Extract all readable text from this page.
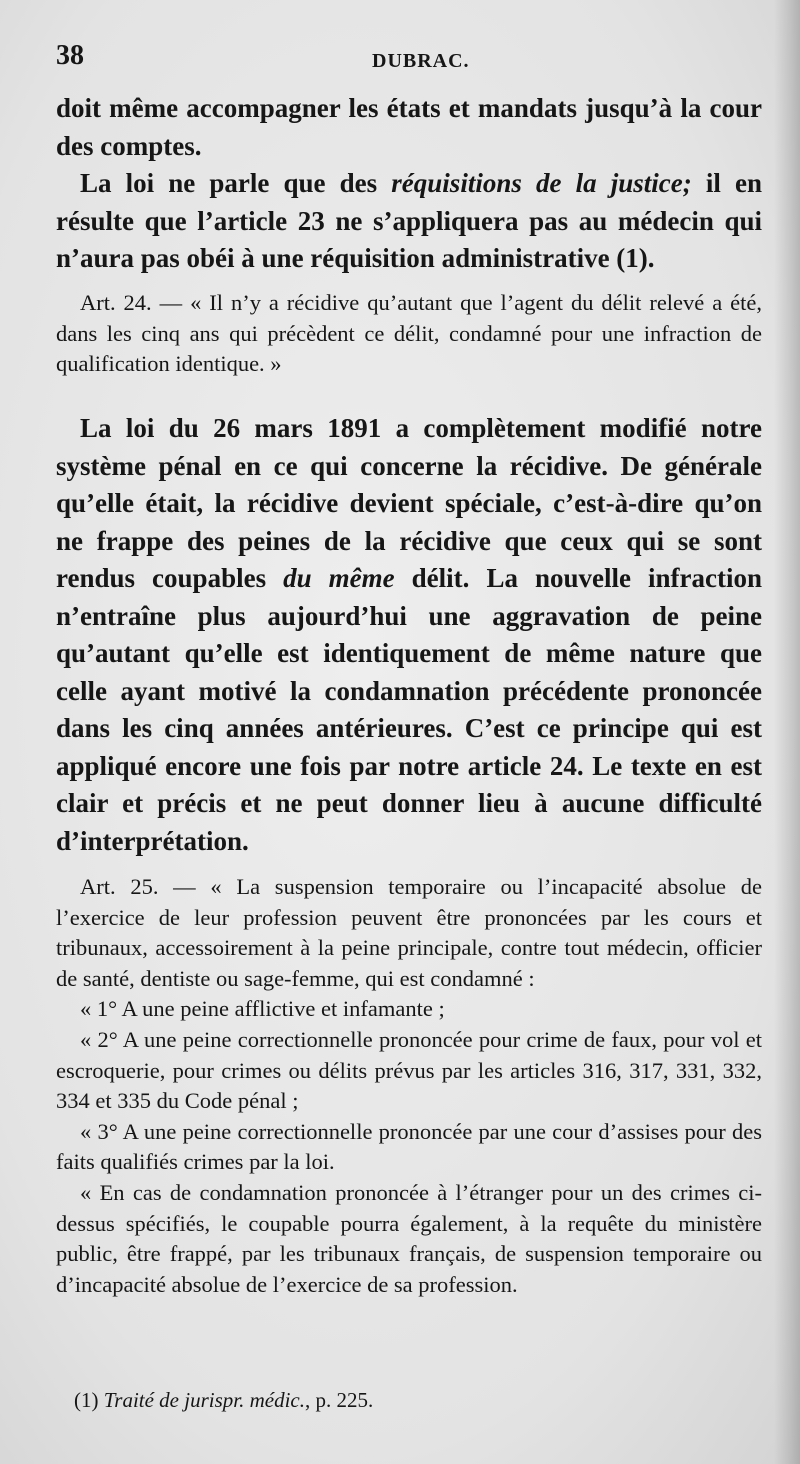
38	DUBRAC.

doit même accompagner les états et mandats jusqu’à la cour des comptes.

La loi ne parle que des réquisitions de la justice; il en résulte que l’article 23 ne s’appliquera pas au médecin qui n’aura pas obéi à une réquisition administrative (1).

Art. 24. — « Il n’y a récidive qu’autant que l’agent du délit relevé a été, dans les cinq ans qui précèdent ce délit, condamné pour une infraction de qualification identique. »

La loi du 26 mars 1891 a complètement modifié notre système pénal en ce qui concerne la récidive. De générale qu’elle était, la récidive devient spéciale, c’est-à-dire qu’on ne frappe des peines de la récidive que ceux qui se sont rendus coupables du même délit. La nouvelle infraction n’entraîne plus aujourd’hui une aggravation de peine qu’autant qu’elle est identiquement de même nature que celle ayant motivé la condamnation précédente prononcée dans les cinq années antérieures. C’est ce principe qui est appliqué encore une fois par notre article 24. Le texte en est clair et précis et ne peut donner lieu à aucune difficulté d’interprétation.

Art. 25. — « La suspension temporaire ou l’incapacité absolue de l’exercice de leur profession peuvent être prononcées par les cours et tribunaux, accessoirement à la peine principale, contre tout médecin, officier de santé, dentiste ou sage-femme, qui est condamné :

« 1° A une peine afflictive et infamante ;

« 2° A une peine correctionnelle prononcée pour crime de faux, pour vol et escroquerie, pour crimes ou délits prévus par les articles 316, 317, 331, 332, 334 et 335 du Code pénal ;

« 3° A une peine correctionnelle prononcée par une cour d’assises pour des faits qualifiés crimes par la loi.

« En cas de condamnation prononcée à l’étranger pour un des crimes ci-dessus spécifiés, le coupable pourra également, à la requête du ministère public, être frappé, par les tribunaux français, de suspension temporaire ou d’incapacité absolue de l’exercice de sa profession.

(1) Traité de jurispr. médic., p. 225.
